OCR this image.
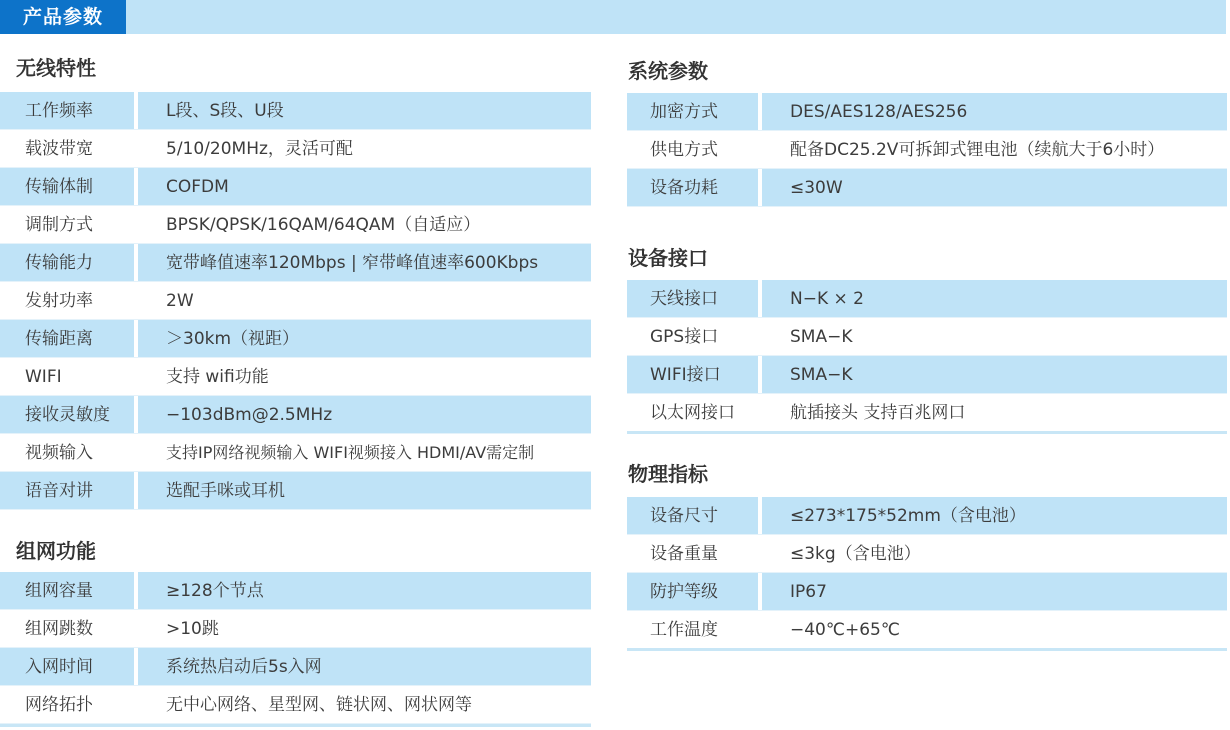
产品参数
无线特性
工作频率	L段、S段、U段
载波带宽	5/10/20MHz，灵活可配
传输体制	COFDM
调制方式	BPSK/QPSK/16QAM/64QAM（自适应）
传输能力	宽带峰值速率120Mbps | 窄带峰值速率600Kbps
发射功率	2W
传输距离	＞30km（视距）
WIFI	支持 wifi功能
接收灵敏度	−103dBm@2.5MHz
视频输入	支持IP网络视频输入 WIFI视频接入 HDMI/AV需定制
语音对讲	选配手咪或耳机
组网功能
组网容量	≥128个节点
组网跳数	>10跳
入网时间	系统热启动后5s入网
网络拓扑	无中心网络、星型网、链状网、网状网等
系统参数
加密方式	DES/AES128/AES256
供电方式	配备DC25.2V可拆卸式锂电池（续航大于6小时）
设备功耗	≤30W
设备接口
天线接口	N−K × 2
GPS接口	SMA−K
WIFI接口	SMA−K
以太网接口	航插接头 支持百兆网口
物理指标
设备尺寸	≤273*175*52mm（含电池）
设备重量	≤3kg（含电池）
防护等级	IP67
工作温度	−40℃+65℃
